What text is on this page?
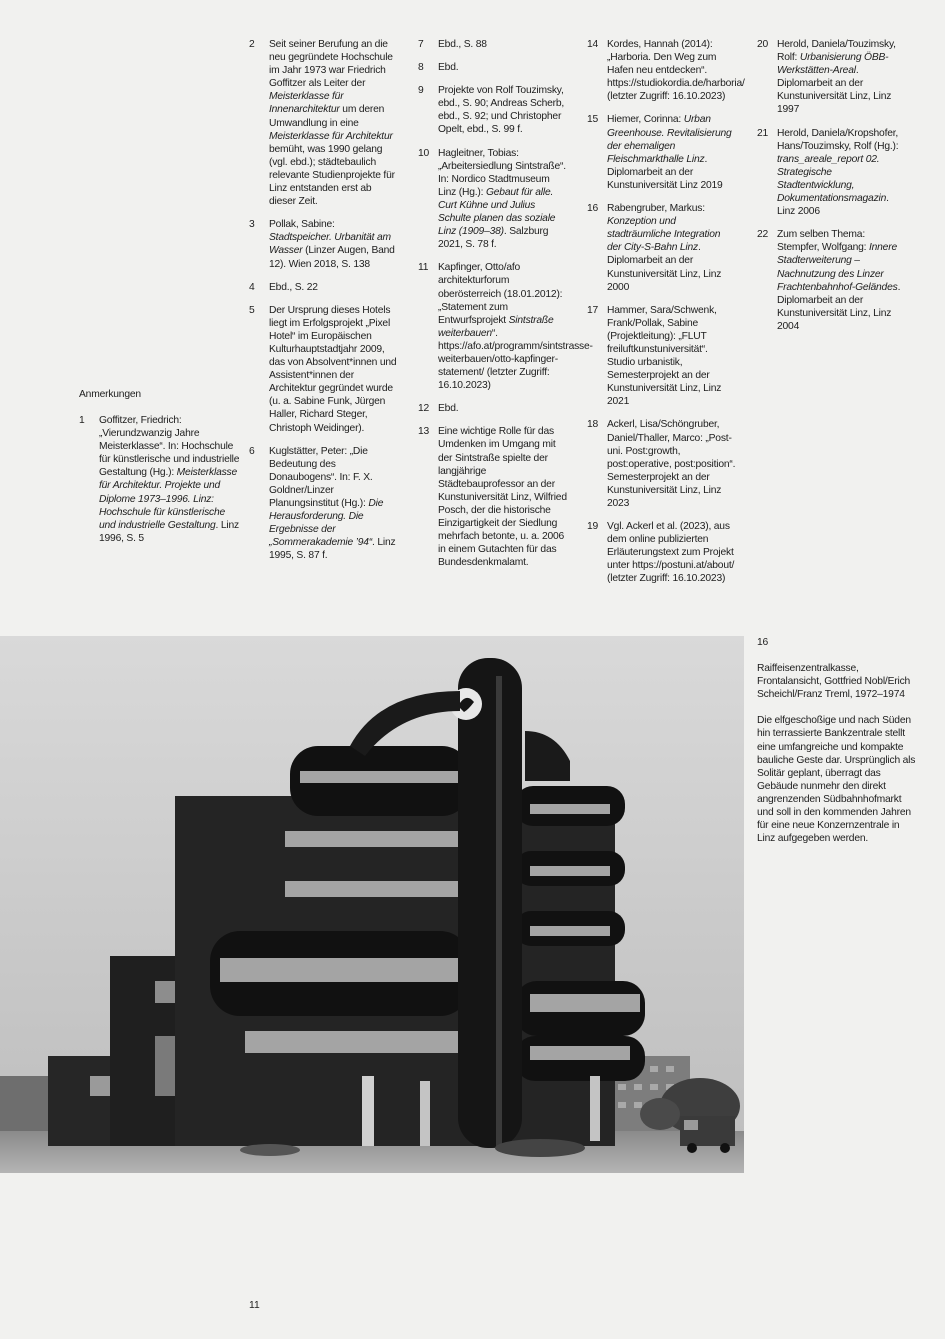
Anmerkungen
1 Goffitzer, Friedrich: „Vierundzwanzig Jahre Meisterklasse“. In: Hochschule für künstlerische und industrielle Gestaltung (Hg.): Meisterklasse für Architektur. Projekte und Diplome 1973–1996. Linz: Hochschule für künstlerische und industrielle Gestaltung. Linz 1996, S. 5
2 Seit seiner Berufung an die neu gegründete Hochschule im Jahr 1973 war Friedrich Goffitzer als Leiter der Meisterklasse für Innenarchitektur um deren Umwandlung in eine Meisterklasse für Architektur bemüht, was 1990 gelang (vgl. ebd.); städtebaulich relevante Studienprojekte für Linz entstanden erst ab dieser Zeit.
3 Pollak, Sabine: Stadtspeicher. Urbanität am Wasser (Linzer Augen, Band 12). Wien 2018, S. 138
4 Ebd., S. 22
5 Der Ursprung dieses Hotels liegt im Erfolgsprojekt „Pixel Hotel“ im Europäischen Kulturhauptstadtjahr 2009, das von Absolvent*innen und Assistent*innen der Architektur gegründet wurde (u. a. Sabine Funk, Jürgen Haller, Richard Steger, Christoph Weidinger).
6 Kuglstätter, Peter: „Die Bedeutung des Donaubogens“. In: F. X. Goldner/Linzer Planungsinstitut (Hg.): Die Herausforderung. Die Ergebnisse der „Sommerakademie ’94“. Linz 1995, S. 87 f.
7 Ebd., S. 88
8 Ebd.
9 Projekte von Rolf Touzimsky, ebd., S. 90; Andreas Scherb, ebd., S. 92; und Christopher Opelt, ebd., S. 99 f.
10 Hagleitner, Tobias: „Arbeitersiedlung Sintstraße“. In: Nordico Stadtmuseum Linz (Hg.): Gebaut für alle. Curt Kühne und Julius Schulte planen das soziale Linz (1909–38). Salzburg 2021, S. 78 f.
11 Kapfinger, Otto/afo architekturforum oberösterreich (18.01.2012): „Statement zum Entwurfsprojekt Sintstraße weiterbauen“. https://afo.at/programm/sintstrasse-weiterbauen/otto-kapfinger-statement/ (letzter Zugriff: 16.10.2023)
12 Ebd.
13 Eine wichtige Rolle für das Umdenken im Umgang mit der Sintstraße spielte der langjährige Städtebauprofessor an der Kunstuniversität Linz, Wilfried Posch, der die historische Einzigartigkeit der Siedlung mehrfach betonte, u. a. 2006 in einem Gutachten für das Bundesdenkmalamt.
14 Kordes, Hannah (2014): „Harboria. Den Weg zum Hafen neu entdecken“. https://studiokordia.de/harboria/ (letzter Zugriff: 16.10.2023)
15 Hiemer, Corinna: Urban Greenhouse. Revitalisierung der ehemaligen Fleischmarkthalle Linz. Diplomarbeit an der Kunstuniversität Linz 2019
16 Rabengruber, Markus: Konzeption und stadträumliche Integration der City-S-Bahn Linz. Diplomarbeit an der Kunstuniversität Linz, Linz 2000
17 Hammer, Sara/Schwenk, Frank/Pollak, Sabine (Projektleitung): „FLUT freiluftkunstuniversität“. Studio urbanistik, Semesterprojekt an der Kunstuniversität Linz, Linz 2021
18 Ackerl, Lisa/Schöngruber, Daniel/Thaller, Marco: „Post-uni. Post:growth, post:operative, post:position“. Semesterprojekt an der Kunstuniversität Linz, Linz 2023
19 Vgl. Ackerl et al. (2023), aus dem online publizierten Erläuterungstext zum Projekt unter https://postuni.at/about/ (letzter Zugriff: 16.10.2023)
20 Herold, Daniela/Touzimsky, Rolf: Urbanisierung ÖBB-Werkstätten-Areal. Diplomarbeit an der Kunstuniversität Linz, Linz 1997
21 Herold, Daniela/Kropshofer, Hans/Touzimsky, Rolf (Hg.): trans_areale_report 02. Strategische Stadtentwicklung, Dokumentationsmagazin. Linz 2006
22 Zum selben Thema: Stempfer, Wolfgang: Innere Stadterweiterung – Nachnutzung des Linzer Frachtenbahnhof-Geländes. Diplomarbeit an der Kunstuniversität Linz, Linz 2004
16
Raiffeisenzentralkasse, Frontalansicht, Gottfried Nobl/Erich Scheichl/Franz Treml, 1972–1974
Die elfgeschoßige und nach Süden hin terrassierte Bankzentrale stellt eine umfangreiche und kompakte bauliche Geste dar. Ursprünglich als Solitär geplant, überragt das Gebäude nunmehr den direkt angrenzenden Südbahnhofmarkt und soll in den kommenden Jahren für eine neue Konzernzentrale in Linz aufgegeben werden.
11
